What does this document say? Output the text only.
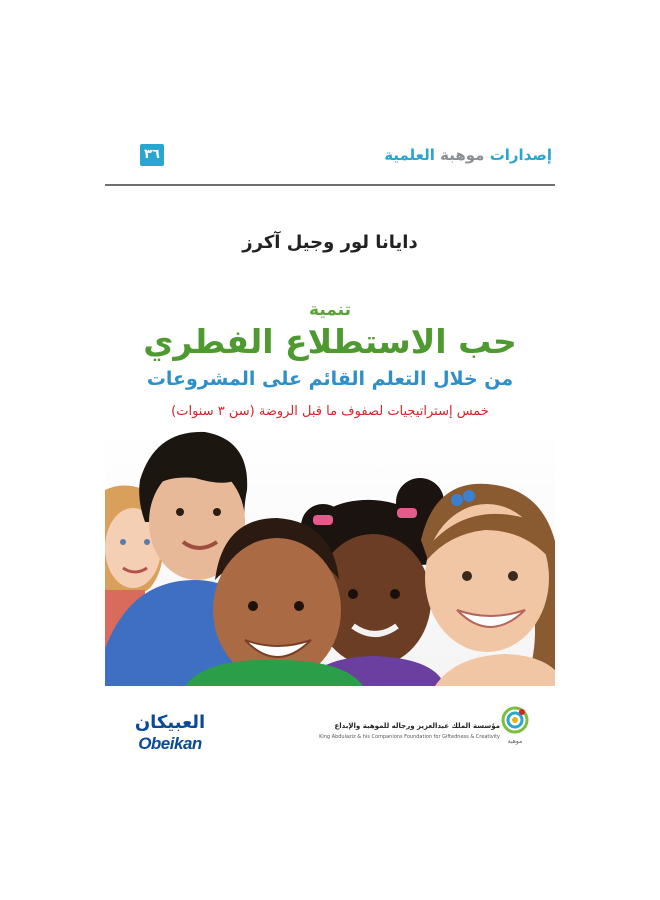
إصدارات موهبة العلمية
٣٦
دايانا لور وجيل آكرز
تنمية
حب الاستطلاع الفطري
من خلال التعلم القائم على المشروعات
خمس إستراتيجيات لصفوف ما قبل الروضة (سن ٣ سنوات)
مؤسسة الملك عبدالعزيز ورجاله للموهبة والإبداع
King Abdulaziz & his Companions Foundation for Giftedness & Creativity
موهبة
العبيكان
Obeikan
